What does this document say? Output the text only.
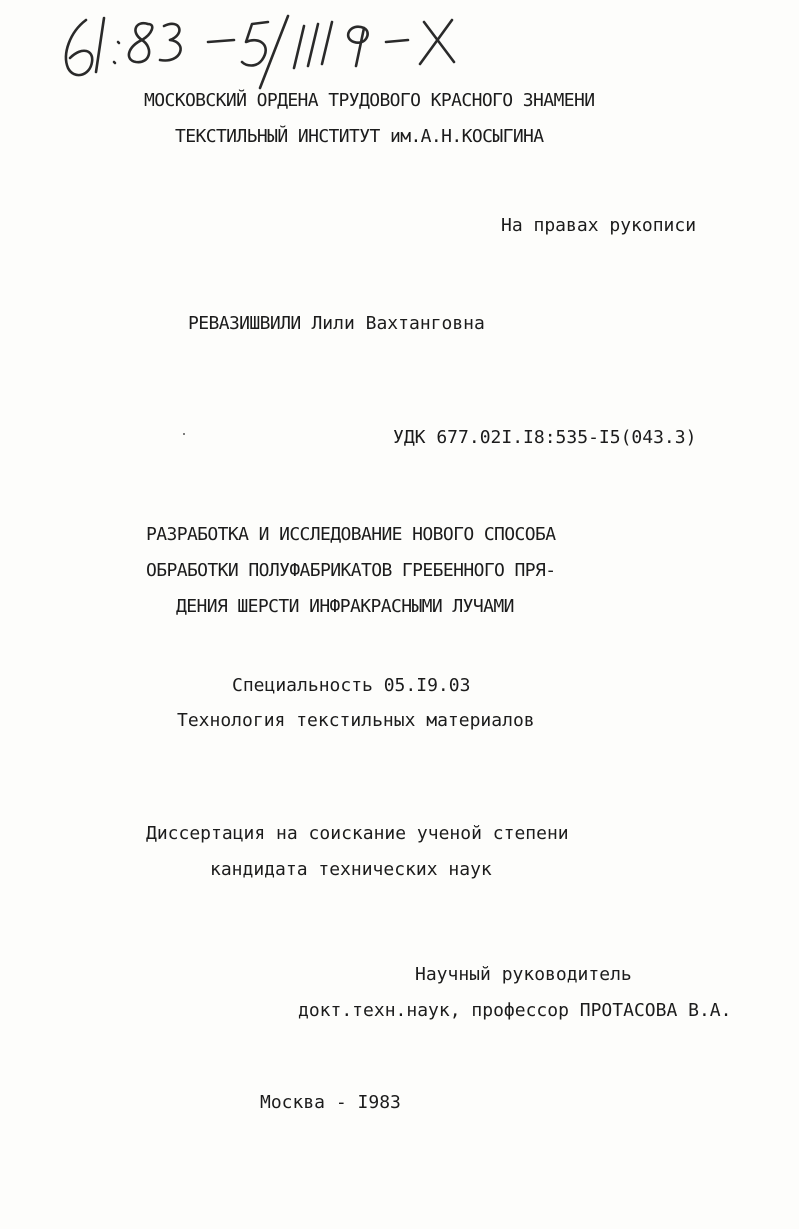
МОСКОВСКИЙ ОРДЕНА ТРУДОВОГО КРАСНОГО ЗНАМЕНИ
ТЕКСТИЛЬНЫЙ ИНСТИТУТ им.А.Н.КОСЫГИНА
На правах рукописи
РЕВАЗИШВИЛИ Лили Вахтанговна
УДК 677.02I.I8:535-I5(043.3)
РАЗРАБОТКА И ИССЛЕДОВАНИЕ НОВОГО СПОСОБА
ОБРАБОТКИ ПОЛУФАБРИКАТОВ ГРЕБЕННОГО ПРЯ-
ДЕНИЯ ШЕРСТИ ИНФРАКРАСНЫМИ ЛУЧАМИ
Специальность 05.I9.03
Технология текстильных материалов
Диссертация на соискание ученой степени
кандидата технических наук
Научный руководитель
докт.техн.наук, профессор ПРОТАСОВА В.А.
Москва - I983
